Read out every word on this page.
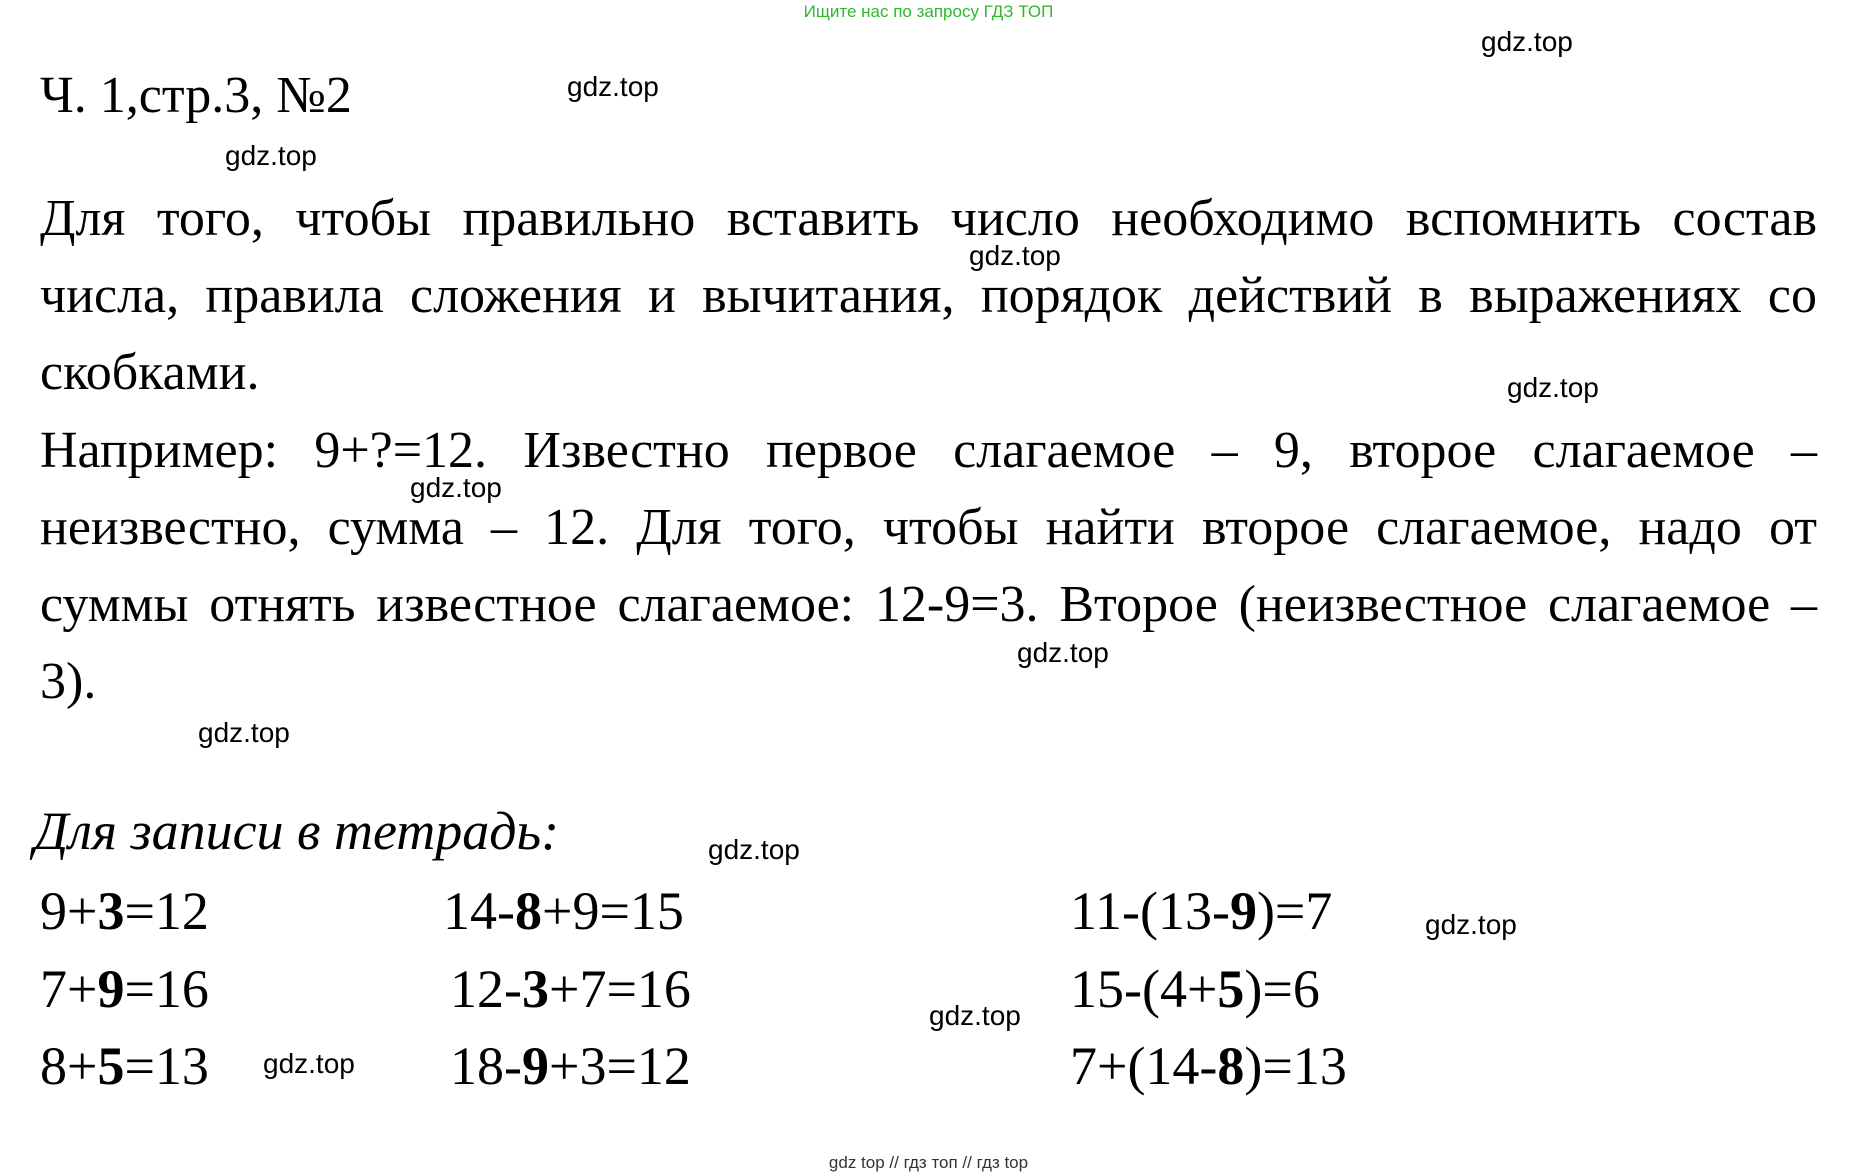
Ищите нас по запросу ГДЗ ТОП
gdz.top
gdz.top
gdz.top
gdz.top
gdz.top
gdz.top
gdz.top
gdz.top
gdz.top
gdz.top
gdz.top
gdz.top
Ч. 1,стр.3, №2

Для того, чтобы правильно вставить число необходимо вспомнить состав числа, правила сложения и вычитания, порядок действий в выражениях со скобками.

Например: 9+?=12. Известно первое слагаемое – 9, второе слагаемое – неизвестно, сумма – 12. Для того, чтобы найти второе слагаемое, надо от суммы отнять известное слагаемое: 12-9=3. Второе (неизвестное слагаемое – 3).

Для записи в тетрадь:
9+3=12
7+9=16
8+5=13
14-8+9=15
12-3+7=16
18-9+3=12
11-(13-9)=7
15-(4+5)=6
7+(14-8)=13
gdz top // гдз топ // гдз top
